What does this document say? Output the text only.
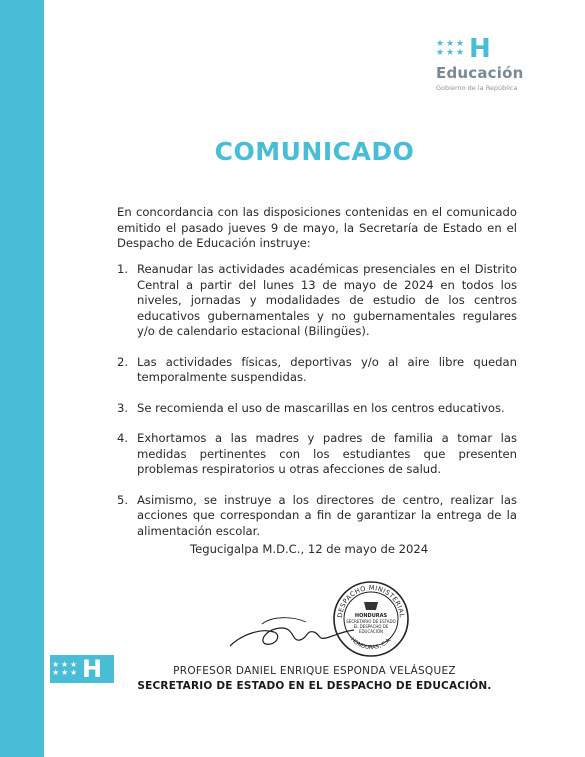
★ ★ ★
★ ★ ★ H
★ ★ ★
★ ★ ★ H
Educación
Gobierno de la República
COMUNICADO
En concordancia con las disposiciones contenidas en el comunicado emitido el pasado jueves 9 de mayo, la Secretaría de Estado en el Despacho de Educación instruye:
1. Reanudar las actividades académicas presenciales en el Distrito Central a partir del lunes 13 de mayo de 2024 en todos los niveles, jornadas y modalidades de estudio de los centros educativos gubernamentales y no gubernamentales regulares y/o de calendario estacional (Bilingües).
2. Las actividades físicas, deportivas y/o al aire libre quedan temporalmente suspendidas.
3. Se recomienda el uso de mascarillas en los centros educativos.
4. Exhortamos a las madres y padres de familia a tomar las medidas pertinentes con los estudiantes que presenten problemas respiratorios u otras afecciones de salud.
5. Asimismo, se instruye a los directores de centro, realizar las acciones que correspondan a fin de garantizar la entrega de la alimentación escolar.
Tegucigalpa M.D.C., 12 de mayo de 2024
DESPACHO MINISTERIAL
HONDURAS, C.A.
HONDURAS
SECRETARIO DE ESTADO
EL DESPACHO DE
EDUCACIÓN
PROFESOR DANIEL ENRIQUE ESPONDA VELÁSQUEZ
SECRETARIO DE ESTADO EN EL DESPACHO DE EDUCACIÓN.
